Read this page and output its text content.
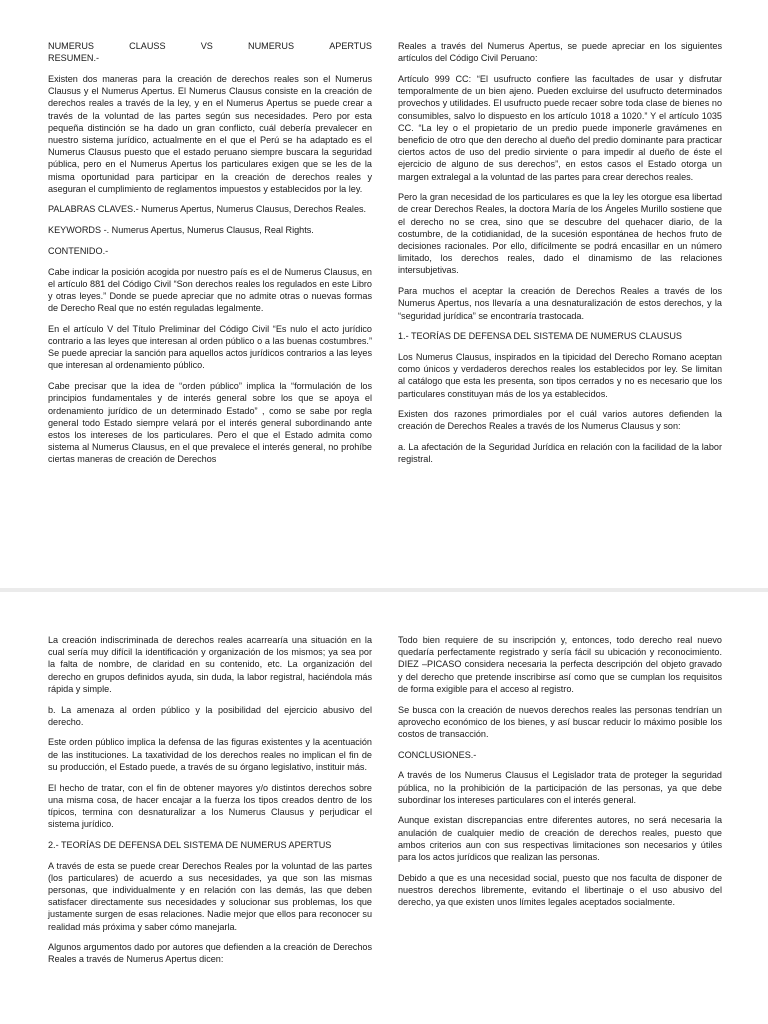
NUMERUS	CLAUSS	VS	NUMERUS	APERTUS

RESUMEN.-

Existen dos maneras para la creación de derechos reales son el Numerus Clausus y el Numerus Apertus. El Numerus Clausus consiste en la creación de derechos reales a través de la ley, y en el Numerus Apertus se puede crear a través de la voluntad de las partes según sus necesidades. Pero por esta pequeña distinción se ha dado un gran conflicto, cuál debería prevalecer en nuestro sistema jurídico, actualmente en el que el Perú se ha adaptado es el Numerus Clausus puesto que el estado peruano siempre buscara la seguridad pública, pero en el Numerus Apertus los particulares exigen que se les de la misma oportunidad para participar en la creación de derechos reales y aseguran el cumplimiento de reglamentos impuestos y establecidos por la ley.

PALABRAS CLAVES.- Numerus Apertus, Numerus Clausus, Derechos Reales.

KEYWORDS -. Numerus Apertus, Numerus Clausus, Real Rights.

CONTENIDO.-

Cabe indicar la posición acogida por nuestro país es el de Numerus Clausus, en el artículo 881 del Código Civil “Son derechos reales los regulados en este Libro y otras leyes.” Donde se puede apreciar que no admite otras o nuevas formas de Derecho Real que no estén reguladas legalmente.

En el artículo V del Título Preliminar del Código Civil “Es nulo el acto jurídico contrario a las leyes que interesan al orden público o a las buenas costumbres.” Se puede apreciar la sanción para aquellos actos jurídicos contrarios a las leyes que interesan al ordenamiento público.

Cabe precisar que la idea de “orden público” implica la “formulación de los principios fundamentales y de interés general sobre los que se apoya el ordenamiento jurídico de un determinado Estado” , como se sabe por regla general todo Estado siempre velará por el interés general subordinando ante estos los intereses de los particulares. Pero el que el Estado admita como sistema al Numerus Clausus, en el que prevalece el interés general, no prohíbe ciertas maneras de creación de Derechos

Reales a través del Numerus Apertus, se puede apreciar en los siguientes artículos del Código Civil Peruano:

Artículo 999 CC: “El usufructo confiere las facultades de usar y disfrutar temporalmente de un bien ajeno. Pueden excluirse del usufructo determinados provechos y utilidades. El usufructo puede recaer sobre toda clase de bienes no consumibles, salvo lo dispuesto en los artículo 1018 a 1020.” Y el artículo 1035 CC. “La ley o el propietario de un predio puede imponerle gravámenes en beneficio de otro que den derecho al dueño del predio dominante para practicar ciertos actos de uso del predio sirviente o para impedir al dueño de éste el ejercicio de alguno de sus derechos”, en estos casos el Estado otorga un margen extralegal a la voluntad de las partes para crear derechos reales.

Pero la gran necesidad de los particulares es que la ley les otorgue esa libertad de crear Derechos Reales, la doctora María de los Ángeles Murillo sostiene que el derecho no se crea, sino que se descubre del quehacer diario, de la costumbre, de la cotidianidad, de la sucesión espontánea de hechos fruto de decisiones racionales. Por ello, difícilmente se podrá encasillar en un número limitado, los derechos reales, dado el dinamismo de las relaciones intersubjetivas.

Para muchos el aceptar la creación de Derechos Reales a través de los Numerus Apertus, nos llevaría a una desnaturalización de estos derechos, y la “seguridad jurídica” se encontraría trastocada.

1.- TEORÍAS DE DEFENSA DEL SISTEMA DE NUMERUS CLAUSUS

Los Numerus Clausus, inspirados en la tipicidad del Derecho Romano aceptan como únicos y verdaderos derechos reales los establecidos por ley. Se limitan al catálogo que esta les presenta, son tipos cerrados y no es necesario que los particulares constituyan más de los ya establecidos.

Existen dos razones primordiales por el cuál varios autores defienden la creación de Derechos Reales a través de los Numerus Clausus y son:

a. La afectación de la Seguridad Jurídica en relación con la facilidad de la labor registral.

La creación indiscriminada de derechos reales acarrearía una situación en la cual sería muy difícil la identificación y organización de los mismos; ya sea por la falta de nombre, de claridad en su contenido, etc. La organización del derecho en grupos definidos ayuda, sin duda, la labor registral, haciéndola más rápida y simple.

b. La amenaza al orden público y la posibilidad del ejercicio abusivo del derecho.

Este orden público implica la defensa de las figuras existentes y la acentuación de las instituciones. La taxatividad de los derechos reales no implican el fin de su producción, el Estado puede, a través de su órgano legislativo, instituir más.

El hecho de tratar, con el fin de obtener mayores y/o distintos derechos sobre una misma cosa, de hacer encajar a la fuerza los tipos creados dentro de los típicos, termina con desnaturalizar a los Numerus Clausus y perjudicar el sistema jurídico.

2.- TEORÍAS DE DEFENSA DEL SISTEMA DE NUMERUS APERTUS

A través de esta se puede crear Derechos Reales por la voluntad de las partes (los particulares) de acuerdo a sus necesidades, ya que son las mismas personas, que individualmente y en relación con las demás, las que deben satisfacer directamente sus necesidades y solucionar sus problemas, los que justamente surgen de esas relaciones. Nadie mejor que ellos para reconocer su realidad más próxima y saber cómo manejarla.

Algunos argumentos dado por autores que defienden a la creación de Derechos Reales a través de Numerus Apertus dicen:

Todo bien requiere de su inscripción y, entonces, todo derecho real nuevo quedaría perfectamente registrado y sería fácil su ubicación y reconocimiento. DIEZ –PICASO considera necesaria la perfecta descripción del objeto gravado y del derecho que pretende inscribirse así como que se cumplan los requisitos de forma exigible para el acceso al registro.

Se busca con la creación de nuevos derechos reales las personas tendrían un aprovecho económico de los bienes, y así buscar reducir lo máximo posible los costos de transacción.

CONCLUSIONES.-

A través de los Numerus Clausus el Legislador trata de proteger la seguridad pública, no la prohibición de la participación de las personas, ya que debe subordinar los intereses particulares con el interés general.

Aunque existan discrepancias entre diferentes autores, no será necesaria la anulación de cualquier medio de creación de derechos reales, puesto que ambos criterios aun con sus respectivas limitaciones son necesarios y útiles para los actos jurídicos que realizan las personas.

Debido a que es una necesidad social, puesto que nos faculta de disponer de nuestros derechos libremente, evitando el libertinaje o el uso abusivo del derecho, ya que existen unos límites legales aceptados socialmente.
